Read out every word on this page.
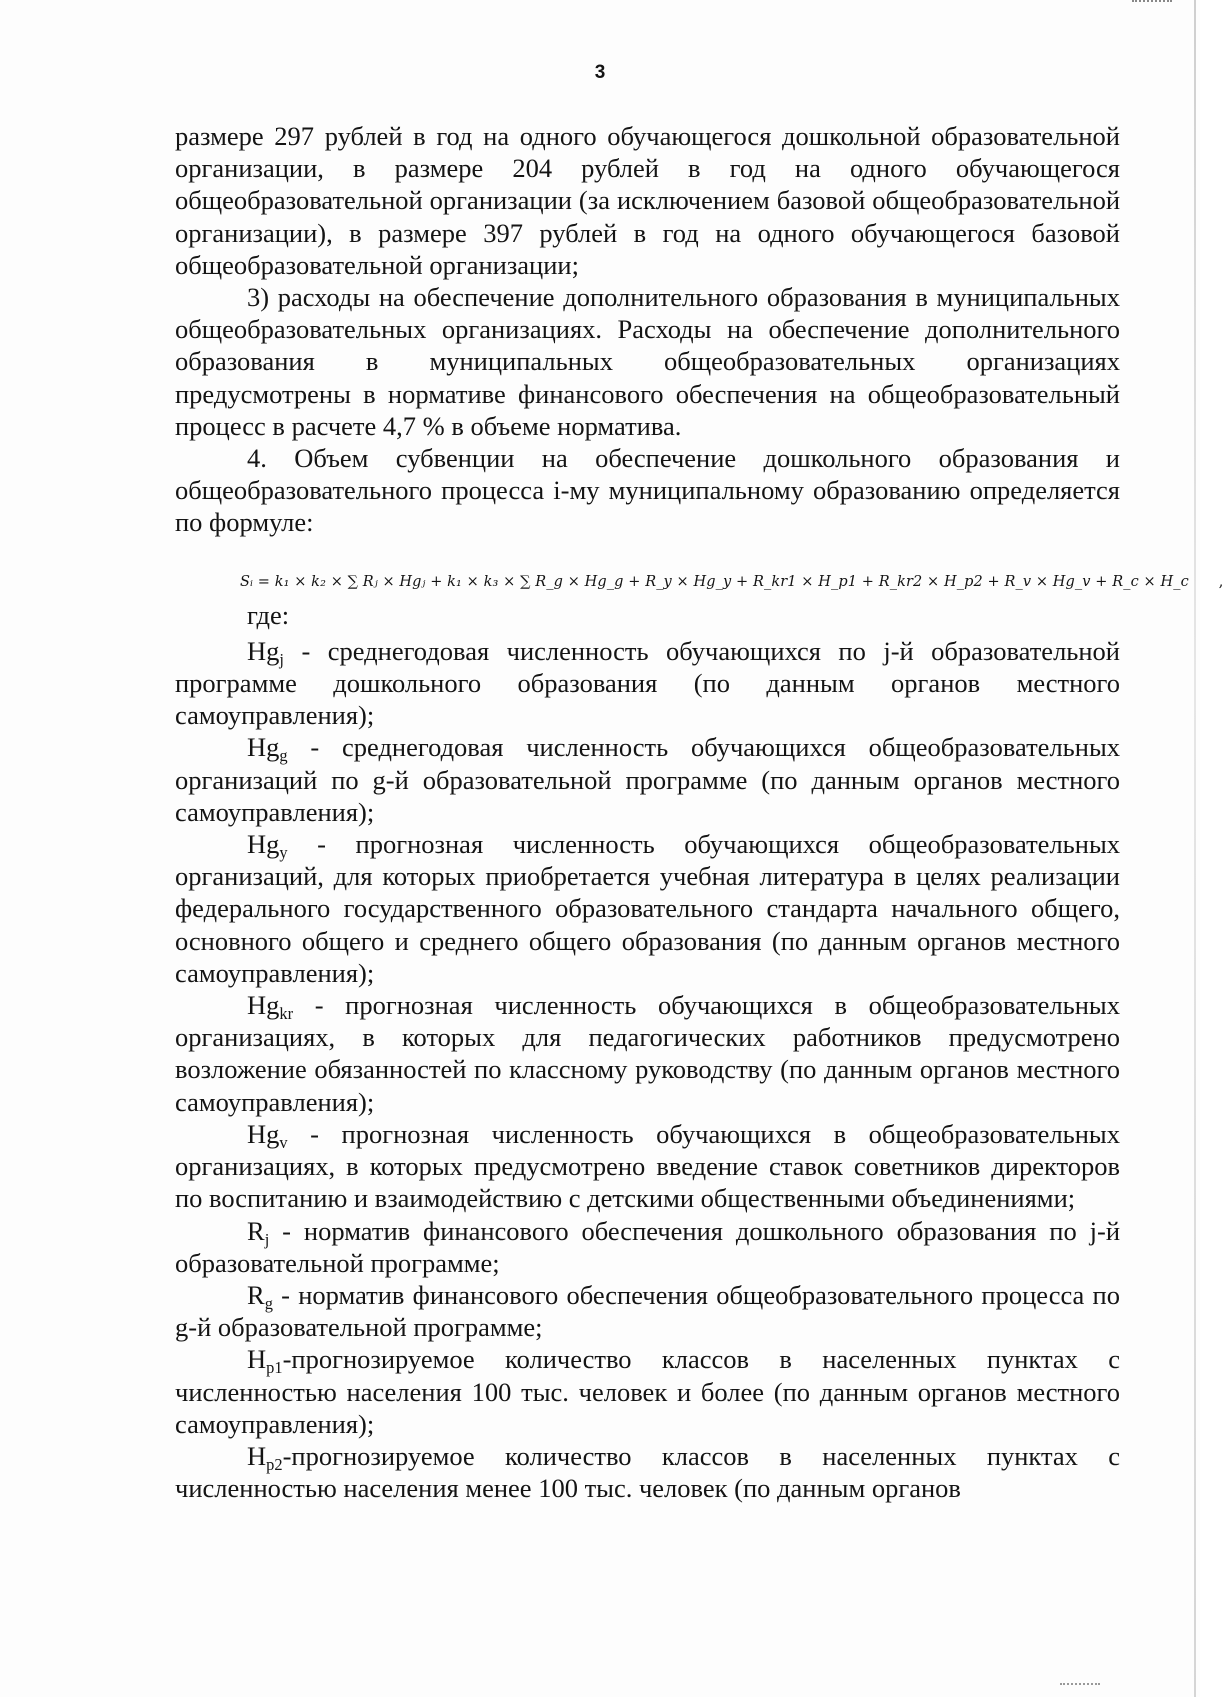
3

размере 297 рублей в год на одного обучающегося дошкольной образовательной организации, в размере 204 рублей в год на одного обучающегося общеобразовательной организации (за исключением базовой общеобразовательной организации), в размере 397 рублей в год на одного обучающегося базовой общеобразовательной организации;

3) расходы на обеспечение дополнительного образования в муниципальных общеобразовательных организациях. Расходы на обеспечение дополнительного образования в муниципальных общеобразовательных организациях предусмотрены в нормативе финансового обеспечения на общеобразовательный процесс в расчете 4,7 % в объеме норматива.

4. Объем субвенции на обеспечение дошкольного образования и общеобразовательного процесса i-му муниципальному образованию определяется по формуле:

Sᵢ = k₁ × k₂ × ∑ Rⱼ × Hgⱼ + k₁ × k₃ × ∑ R_g × Hg_g + R_y × Hg_y + R_kr1 × H_p1 + R_kr2 × H_p2 + R_v × Hg_v + R_c × H_c ,

где:

$Hg_j$ - среднегодовая численность обучающихся по j-й образовательной программе дошкольного образования (по данным органов местного самоуправления);

$Hg_g$ - среднегодовая численность обучающихся общеобразовательных организаций по g-й образовательной программе (по данным органов местного самоуправления);

$Hg_y$ - прогнозная численность обучающихся общеобразовательных организаций, для которых приобретается учебная литература в целях реализации федерального государственного образовательного стандарта начального общего, основного общего и среднего общего образования (по данным органов местного самоуправления);

$Hg_{kr}$ - прогнозная численность обучающихся в общеобразовательных организациях, в которых для педагогических работников предусмотрено возложение обязанностей по классному руководству (по данным органов местного самоуправления);

$Hg_v$ - прогнозная численность обучающихся в общеобразовательных организациях, в которых предусмотрено введение ставок советников директоров по воспитанию и взаимодействию с детскими общественными объединениями;

$R_j$ - норматив финансового обеспечения дошкольного образования по j-й образовательной программе;

$R_g$ - норматив финансового обеспечения общеобразовательного процесса по g-й образовательной программе;

$H_{p1}$-прогнозируемое количество классов в населенных пунктах с численностью населения 100 тыс. человек и более (по данным органов местного самоуправления);

$H_{p2}$-прогнозируемое количество классов в населенных пунктах с численностью населения менее 100 тыс. человек (по данным органов
